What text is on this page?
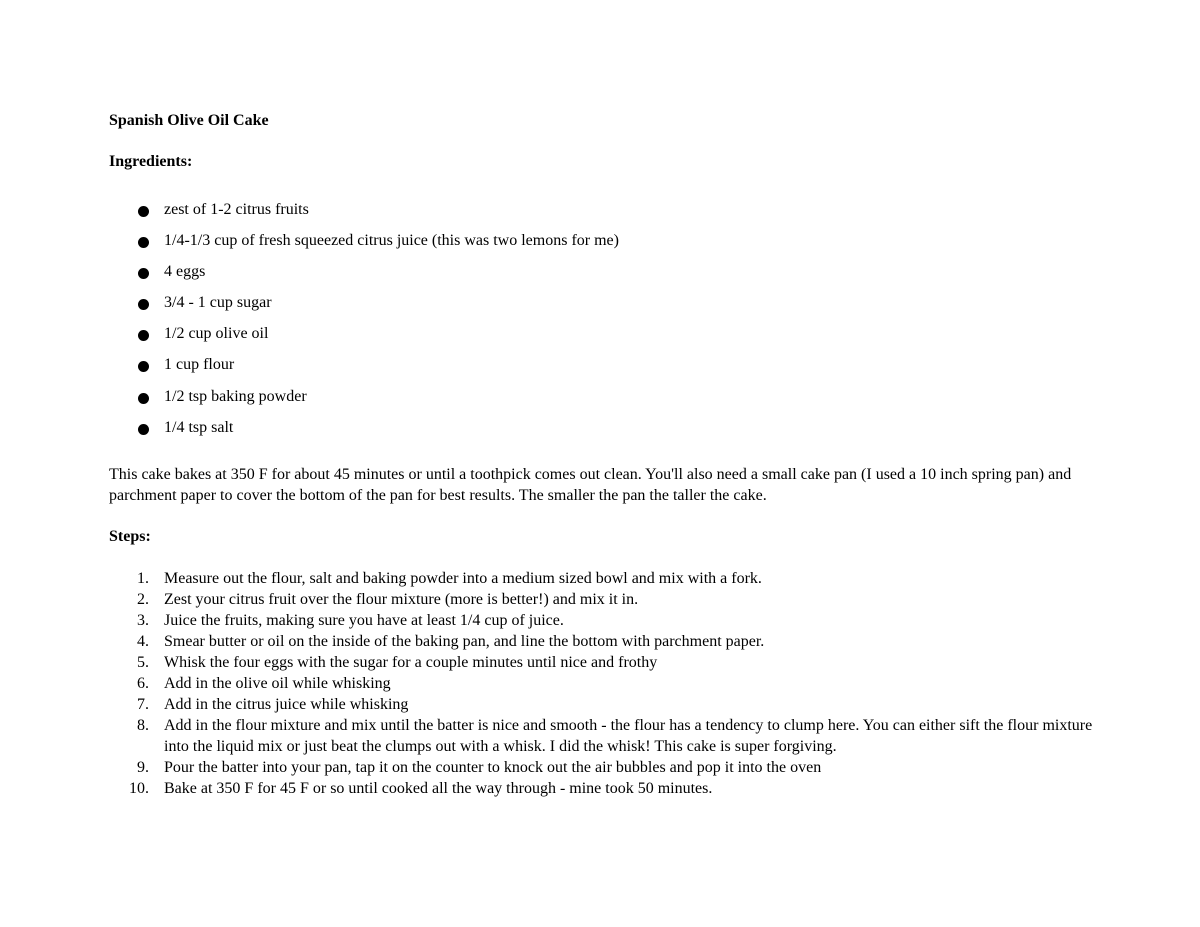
Spanish Olive Oil Cake
Ingredients:
zest of 1-2 citrus fruits
1/4-1/3 cup of fresh squeezed citrus juice (this was two lemons for me)
4 eggs
3/4 - 1 cup sugar
1/2 cup olive oil
1 cup flour
1/2 tsp baking powder
1/4 tsp salt
This cake bakes at 350 F for about 45 minutes or until a toothpick comes out clean. You'll also need a small cake pan (I used a 10 inch spring pan) and parchment paper to cover the bottom of the pan for best results. The smaller the pan the taller the cake.
Steps:
1. Measure out the flour, salt and baking powder into a medium sized bowl and mix with a fork.
2. Zest your citrus fruit over the flour mixture (more is better!) and mix it in.
3. Juice the fruits, making sure you have at least 1/4 cup of juice.
4. Smear butter or oil on the inside of the baking pan, and line the bottom with parchment paper.
5. Whisk the four eggs with the sugar for a couple minutes until nice and frothy
6. Add in the olive oil while whisking
7. Add in the citrus juice while whisking
8. Add in the flour mixture and mix until the batter is nice and smooth - the flour has a tendency to clump here. You can either sift the flour mixture into the liquid mix or just beat the clumps out with a whisk. I did the whisk! This cake is super forgiving.
9. Pour the batter into your pan, tap it on the counter to knock out the air bubbles and pop it into the oven
10. Bake at 350 F for 45 F or so until cooked all the way through - mine took 50 minutes.
